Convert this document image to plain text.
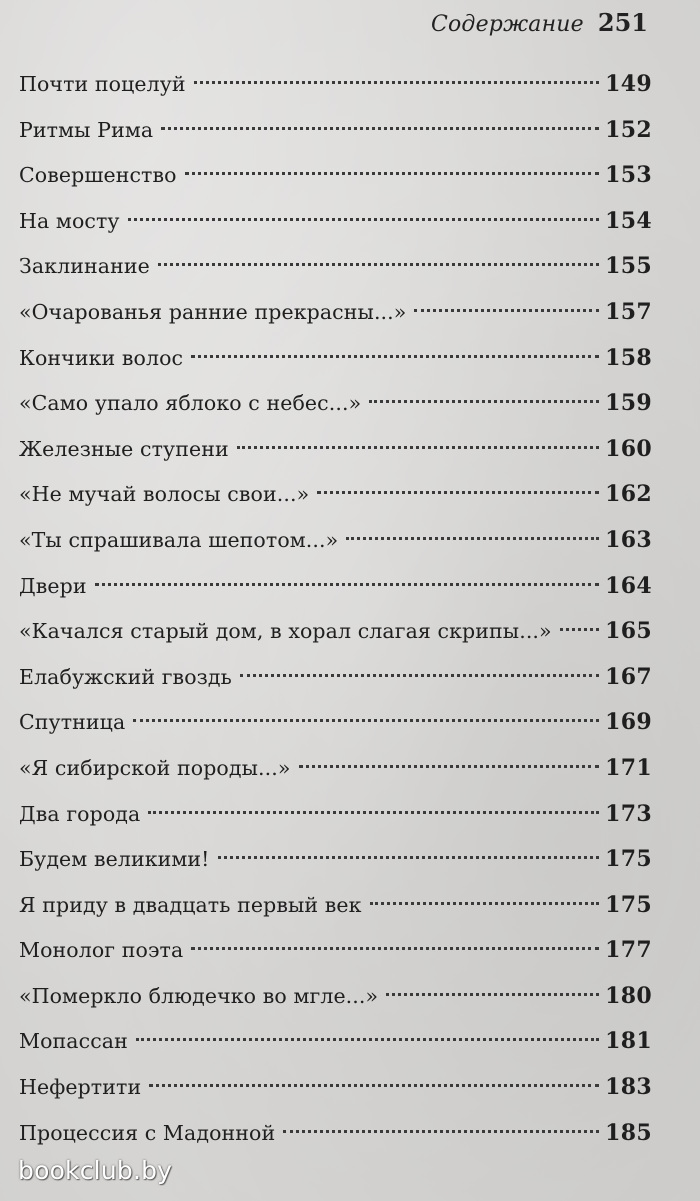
Содержание 251
Почти поцелуй	149
Ритмы Рима	152
Совершенство	153
На мосту	154
Заклинание	155
«Очарованья ранние прекрасны...»	157
Кончики волос	158
«Само упало яблоко с небес...»	159
Железные ступени	160
«Не мучай волосы свои...»	162
«Ты спрашивала шепотом...»	163
Двери	164
«Качался старый дом, в хорал слагая скрипы...» 165
Елабужский гвоздь	167
Спутница	169
«Я сибирской породы...»	171
Два города	173
Будем великими!	175
Я приду в двадцать первый век	175
Монолог поэта	177
«Померкло блюдечко во мгле...»	180
Мопассан	181
Нефертити	183
Процессия с Мадонной	185
bookclub.by
